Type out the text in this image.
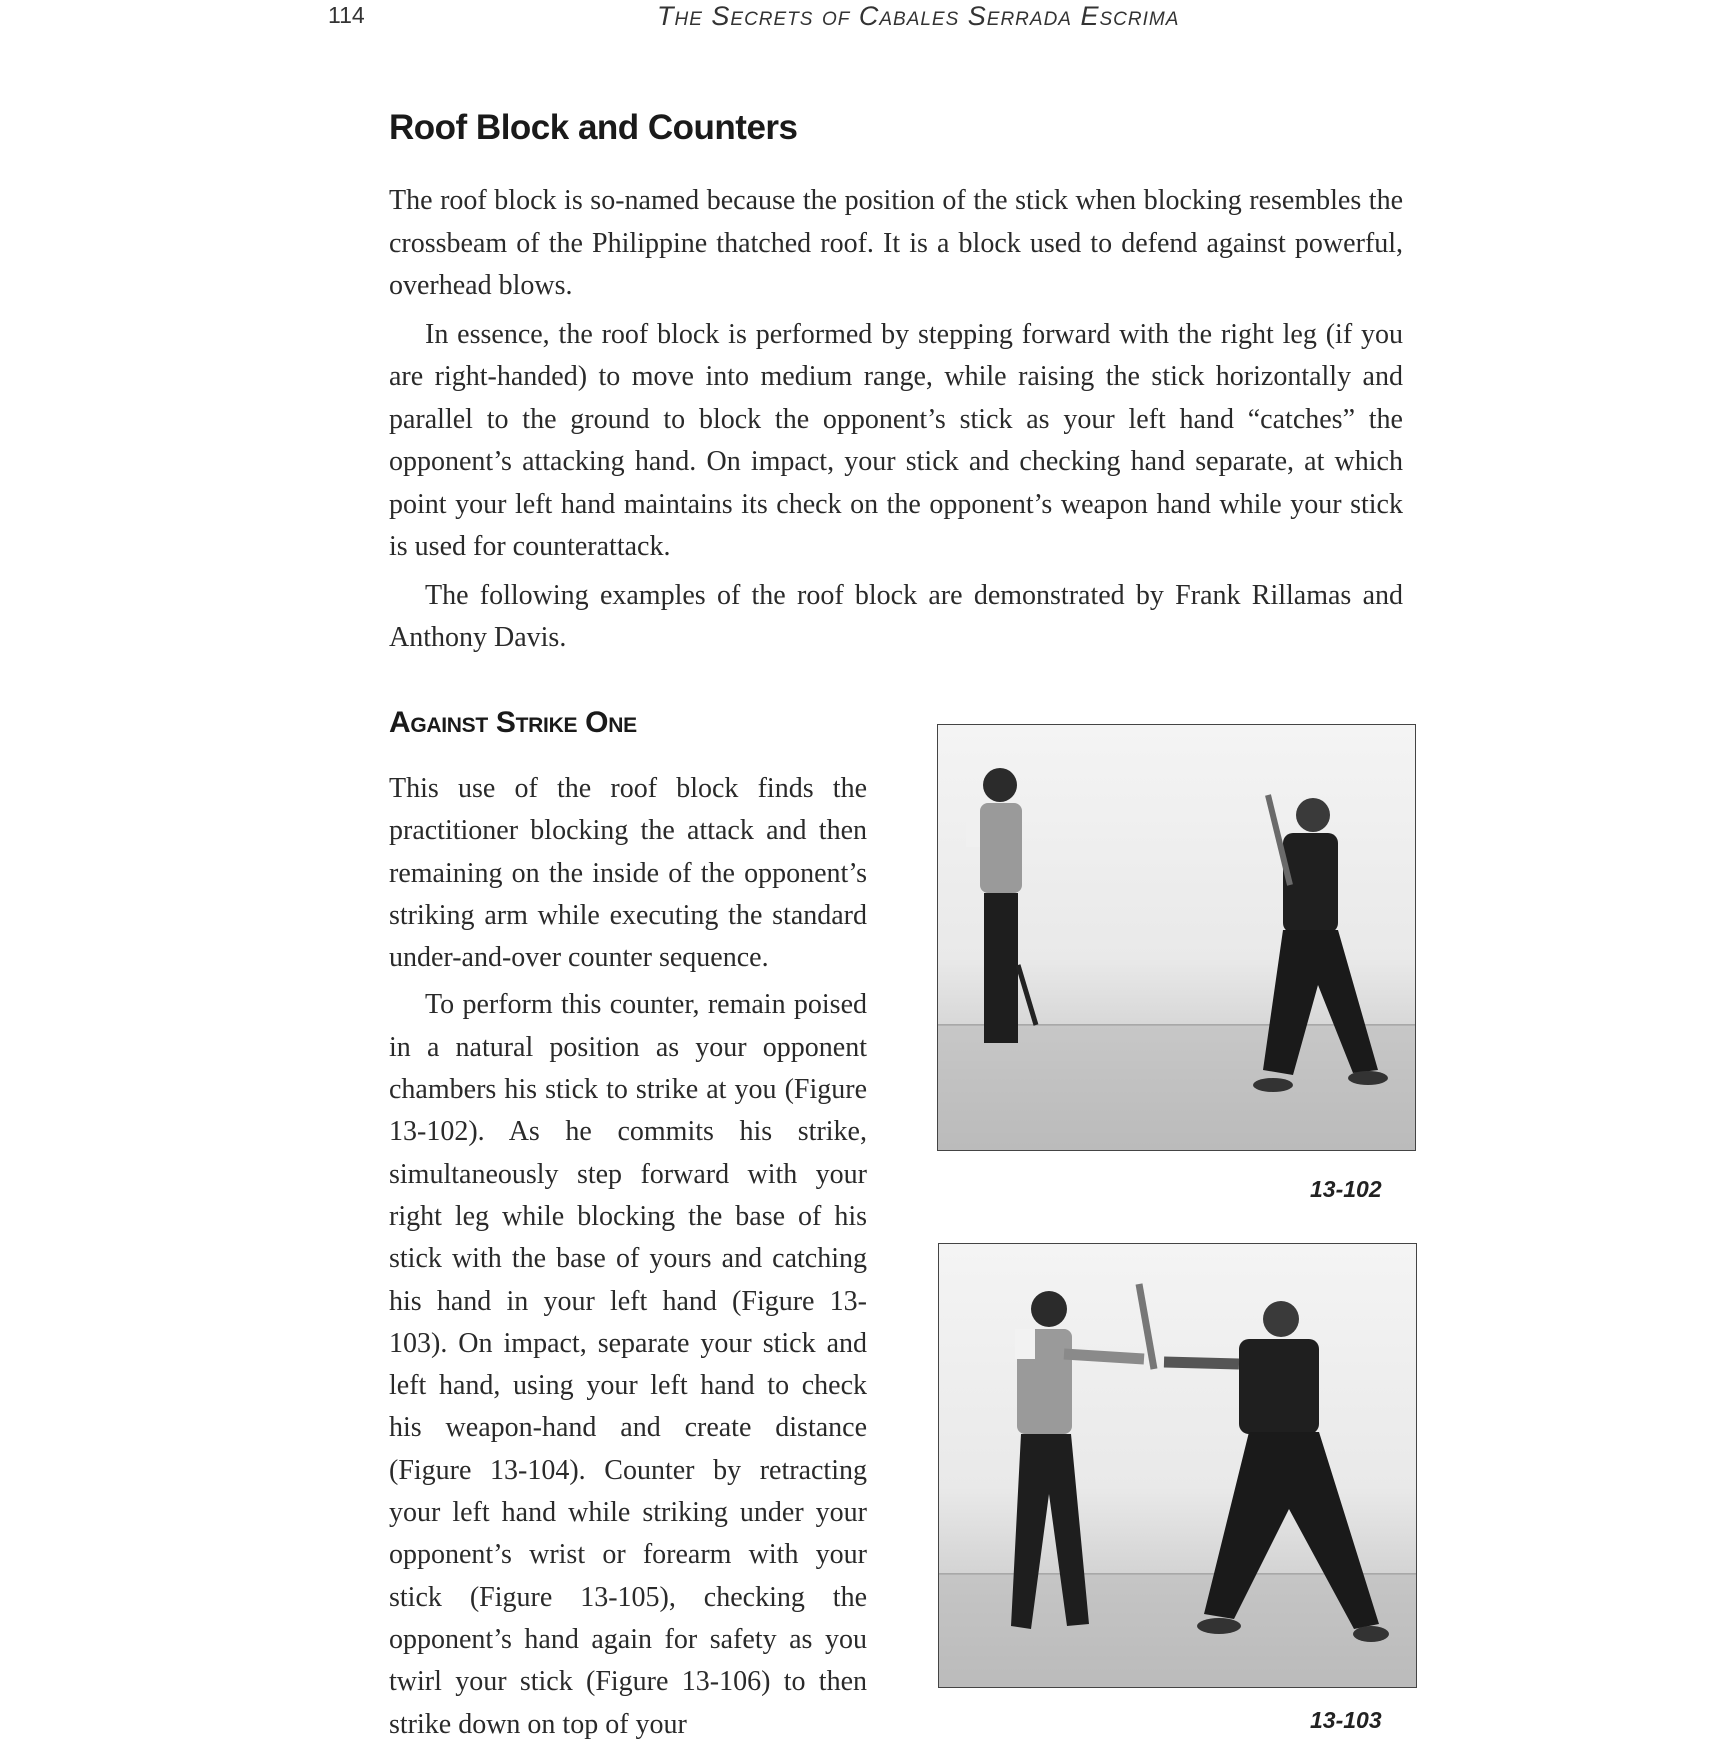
114	The Secrets of Cabales Serrada Escrima
Roof Block and Counters

The roof block is so-named because the position of the stick when blocking resembles the crossbeam of the Philippine thatched roof. It is a block used to defend against powerful, overhead blows.

In essence, the roof block is performed by stepping forward with the right leg (if you are right-handed) to move into medium range, while raising the stick horizontally and parallel to the ground to block the opponent’s stick as your left hand “catches” the opponent’s attacking hand. On impact, your stick and checking hand separate, at which point your left hand maintains its check on the opponent’s weapon hand while your stick is used for counterattack.

The following examples of the roof block are demonstrated by Frank Rillamas and Anthony Davis.

Against Strike One

This use of the roof block finds the practitioner blocking the attack and then remaining on the inside of the opponent’s striking arm while executing the standard under-and-over counter sequence.

To perform this counter, remain poised in a natural position as your opponent chambers his stick to strike at you (Figure 13-102). As he commits his strike, simultaneously step forward with your right leg while blocking the base of his stick with the base of yours and catching his hand in your left hand (Figure 13-103). On impact, separate your stick and left hand, using your left hand to check his weapon-hand and create distance (Figure 13-104). Counter by retracting your left hand while striking under your opponent’s wrist or forearm with your stick (Figure 13-105), checking the opponent’s hand again for safety as you twirl your stick (Figure 13-106) to then strike down on top of your

13-102
13-103
